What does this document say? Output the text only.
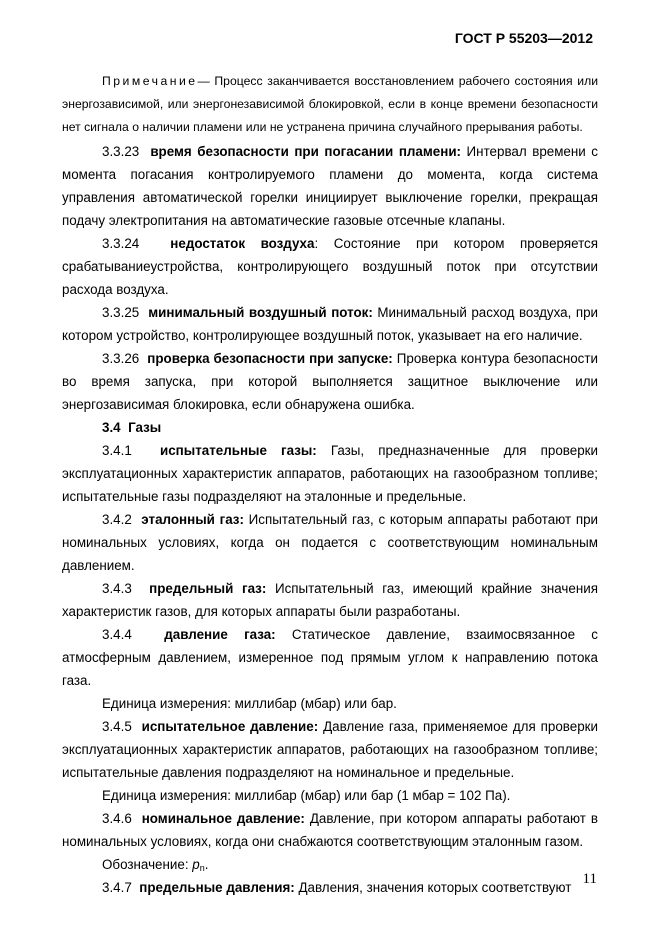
ГОСТ Р 55203—2012

Примечание— Процесс заканчивается восстановлением рабочего состояния или энергозависимой, или энергонезависимой блокировкой, если в конце времени безопасности нет сигнала о наличии пламени или не устранена причина случайного прерывания работы.

3.3.23 время безопасности при погасании пламени: Интервал времени с момента погасания контролируемого пламени до момента, когда система управления автоматической горелки инициирует выключение горелки, прекращая подачу электропитания на автоматические газовые отсечные клапаны.

3.3.24 недостаток воздуха: Состояние при котором проверяется срабатываниеустройства, контролирующего воздушный поток при отсутствии расхода воздуха.

3.3.25 минимальный воздушный поток: Минимальный расход воздуха, при котором устройство, контролирующее воздушный поток, указывает на его наличие.

3.3.26 проверка безопасности при запуске: Проверка контура безопасности во время запуска, при которой выполняется защитное выключение или энергозависимая блокировка, если обнаружена ошибка.

3.4 Газы

3.4.1 испытательные газы: Газы, предназначенные для проверки эксплуатационных характеристик аппаратов, работающих на газообразном топливе; испытательные газы подразделяют на эталонные и предельные.

3.4.2 эталонный газ: Испытательный газ, с которым аппараты работают при номинальных условиях, когда он подается с соответствующим номинальным давлением.

3.4.3 предельный газ: Испытательный газ, имеющий крайние значения характеристик газов, для которых аппараты были разработаны.

3.4.4 давление газа: Статическое давление, взаимосвязанное с атмосферным давлением, измеренное под прямым углом к направлению потока газа.

Единица измерения: миллибар (мбар) или бар.

3.4.5 испытательное давление: Давление газа, применяемое для проверки эксплуатационных характеристик аппаратов, работающих на газообразном топливе; испытательные давления подразделяют на номинальное и предельные.

Единица измерения: миллибар (мбар) или бар (1 мбар = 102 Па).

3.4.6 номинальное давление: Давление, при котором аппараты работают в номинальных условиях, когда они снабжаются соответствующим эталонным газом.

Обозначение: $p_n$.

3.4.7 предельные давления: Давления, значения которых соответствуют

11
